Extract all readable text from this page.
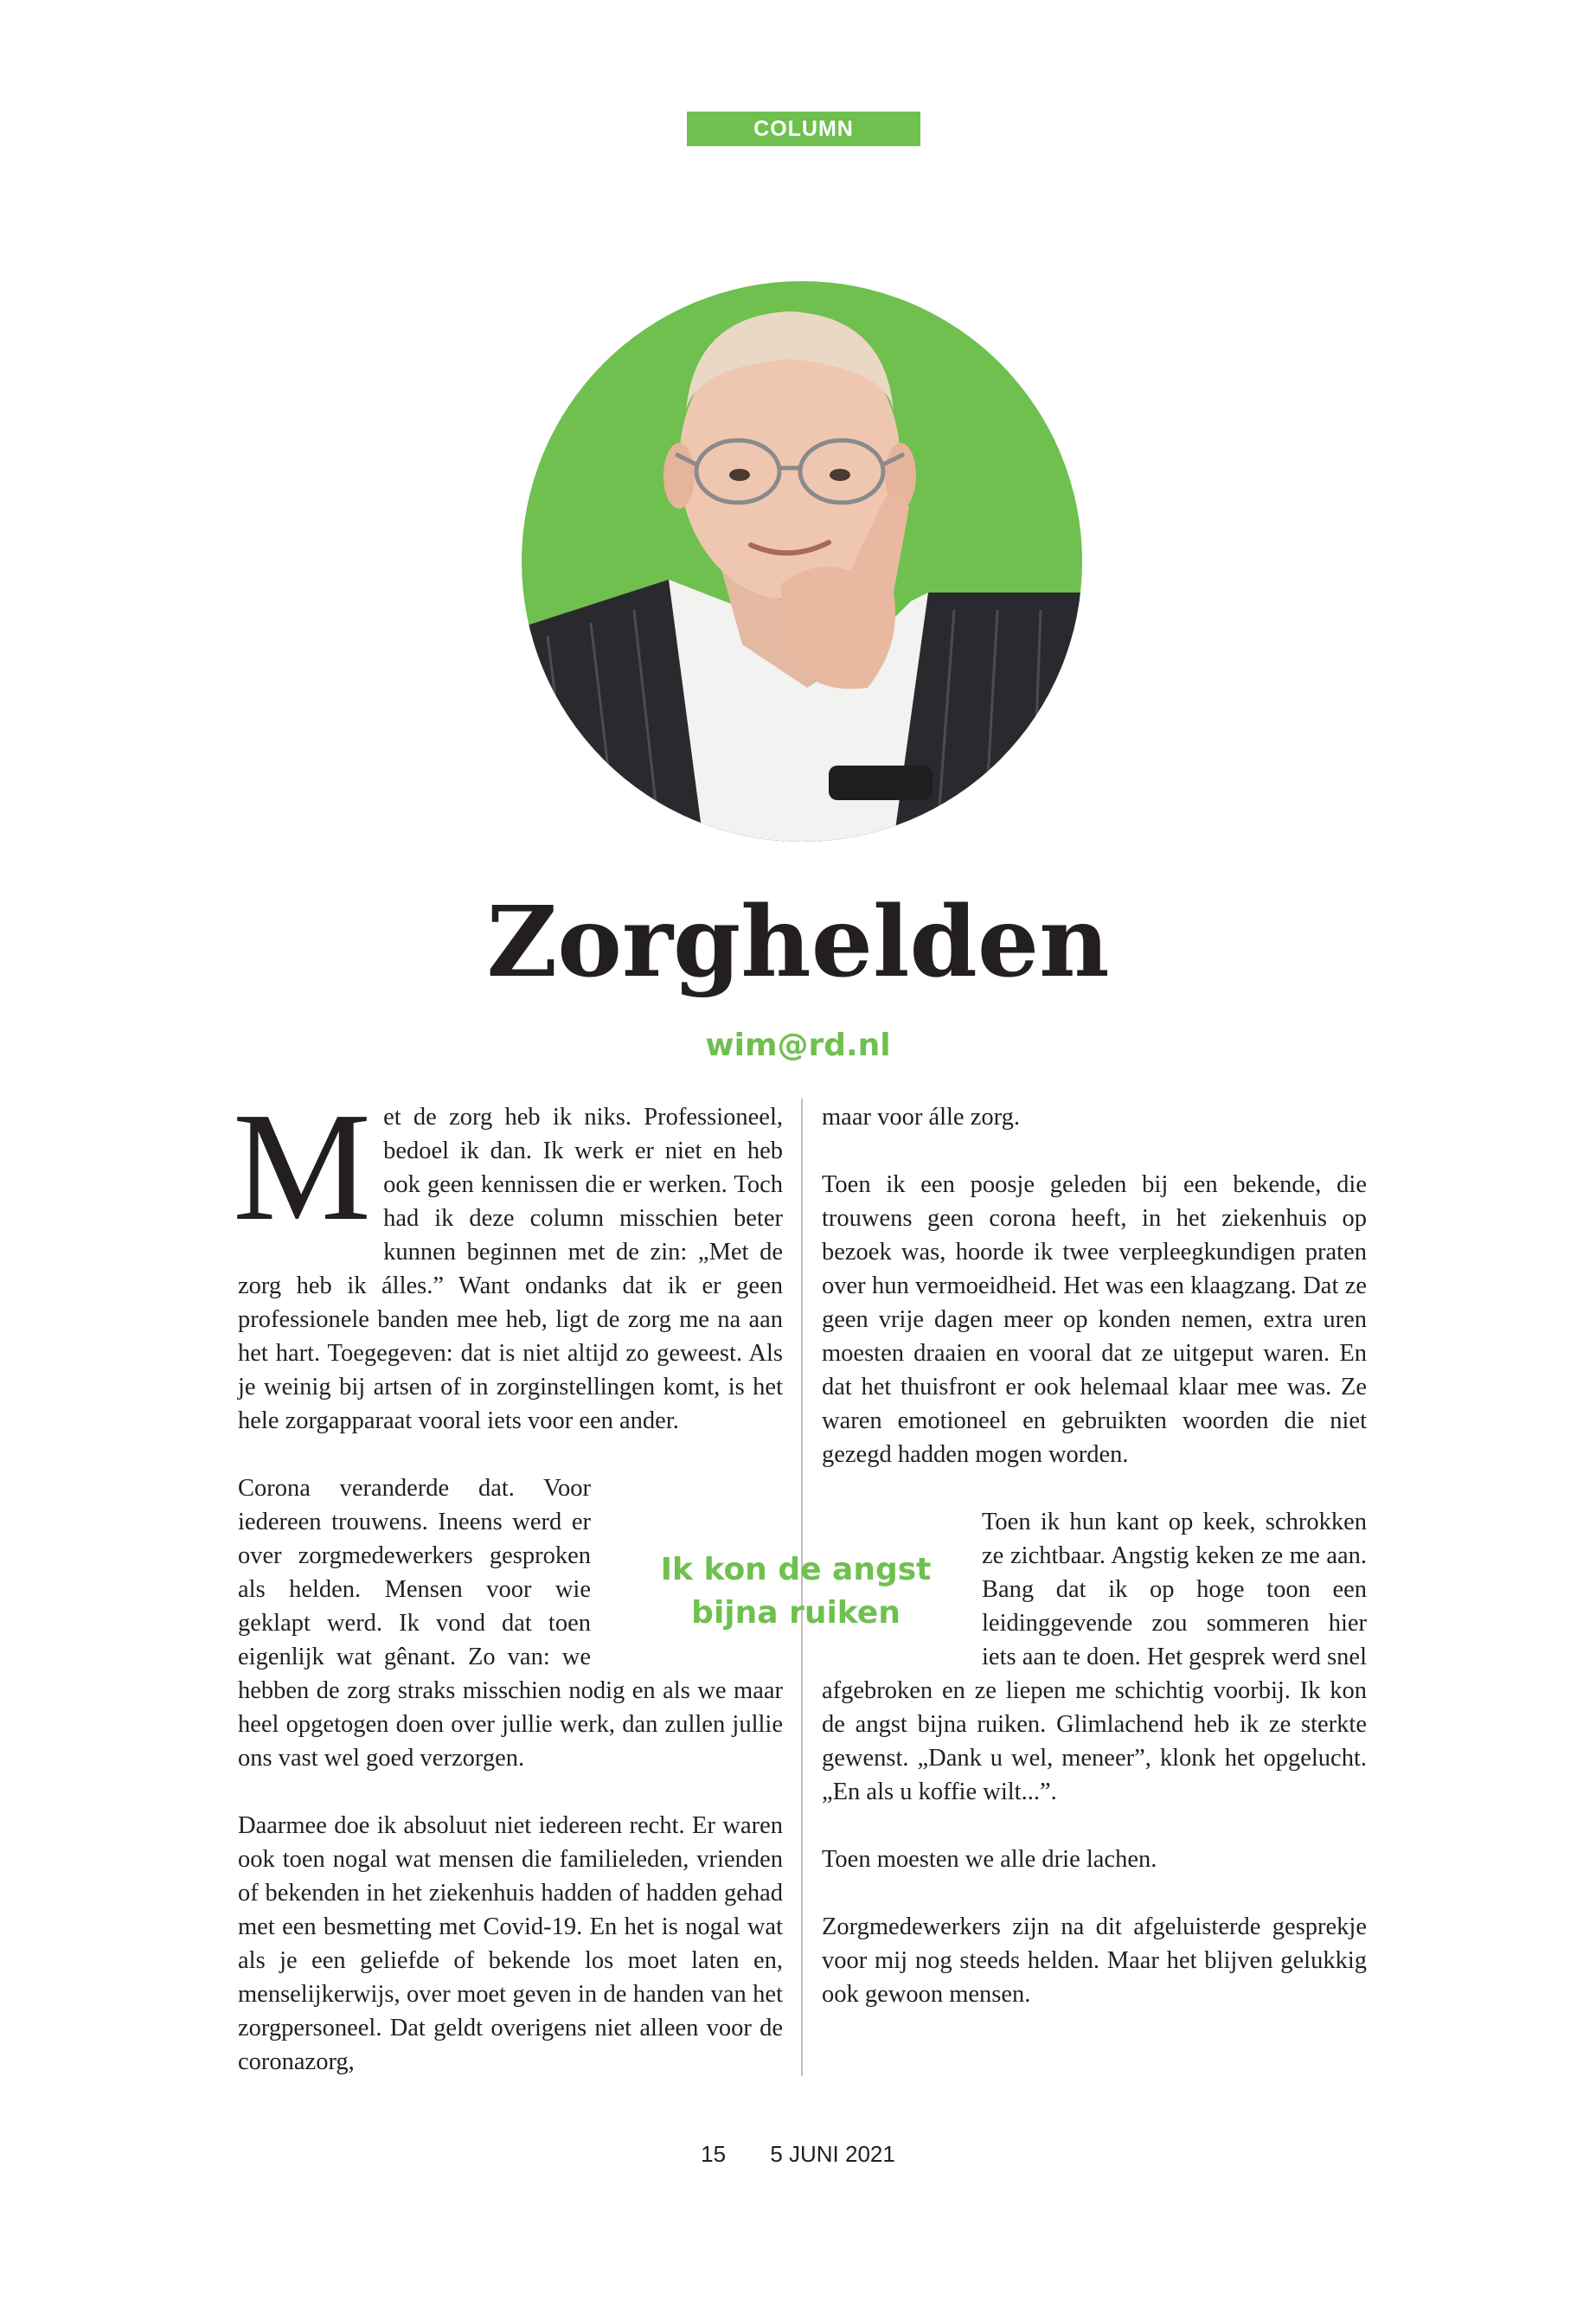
COLUMN
Zorghelden
wim@rd.nl

Met de zorg heb ik niks. Professioneel, bedoel ik dan. Ik werk er niet en heb ook geen kennissen die er werken. Toch had ik deze column misschien beter kunnen beginnen met de zin: „Met de zorg heb ik álles.” Want ondanks dat ik er geen professionele banden mee heb, ligt de zorg me na aan het hart. Toegegeven: dat is niet altijd zo geweest. Als je weinig bij artsen of in zorginstellingen komt, is het hele zorgapparaat vooral iets voor een ander.

Corona veranderde dat. Voor iedereen trouwens. Ineens werd er over zorgmedewerkers gesproken als helden. Mensen voor wie geklapt werd. Ik vond dat toen eigenlijk wat gênant. Zo van: we hebben de zorg straks misschien nodig en als we maar heel opgetogen doen over jullie werk, dan zullen jullie ons vast wel goed verzorgen.

Daarmee doe ik absoluut niet iedereen recht. Er waren ook toen nogal wat mensen die familieleden, vrienden of bekenden in het ziekenhuis hadden of hadden gehad met een besmetting met Covid-19. En het is nogal wat als je een geliefde of bekende los moet laten en, menselijkerwijs, over moet geven in de handen van het zorgpersoneel. Dat geldt overigens niet alleen voor de coronazorg,

maar voor álle zorg.

Toen ik een poosje geleden bij een bekende, die trouwens geen corona heeft, in het ziekenhuis op bezoek was, hoorde ik twee verpleegkundigen praten over hun vermoeidheid. Het was een klaagzang. Dat ze geen vrije dagen meer op konden nemen, extra uren moesten draaien en vooral dat ze uitgeput waren. En dat het thuisfront er ook helemaal klaar mee was. Ze waren emotioneel en gebruikten woorden die niet gezegd hadden mogen worden.

Toen ik hun kant op keek, schrokken ze zichtbaar. Angstig keken ze me aan. Bang dat ik op hoge toon een leidinggevende zou sommeren hier iets aan te doen. Het gesprek werd snel afgebroken en ze liepen me schichtig voorbij. Ik kon de angst bijna ruiken. Glimlachend heb ik ze sterkte gewenst. „Dank u wel, meneer”, klonk het opgelucht. „En als u koffie wilt...”.

Toen moesten we alle drie lachen.

Zorgmedewerkers zijn na dit afgeluisterde gesprekje voor mij nog steeds helden. Maar het blijven gelukkig ook gewoon mensen.

Ik kon de angst bijna ruiken
15 5 JUNI 2021
